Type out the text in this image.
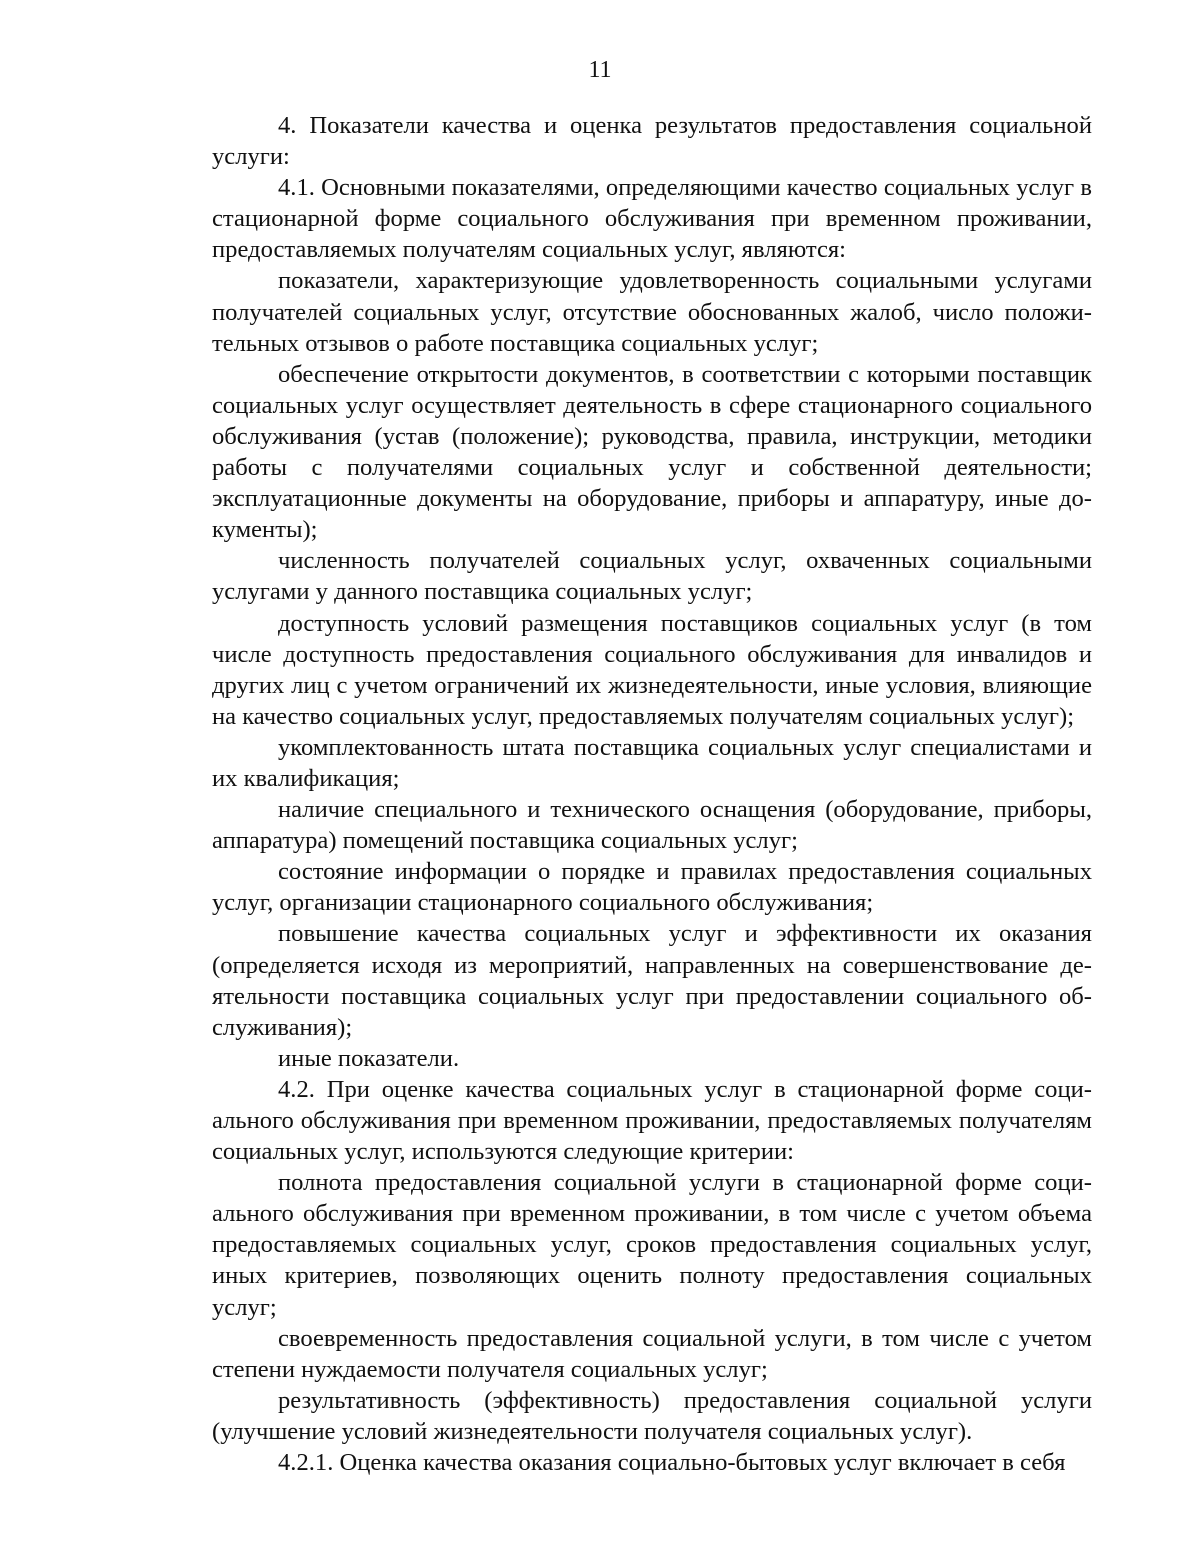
11

4. Показатели качества и оценка результатов предоставления социальной услуги:

4.1. Основными показателями, определяющими качество социальных услуг в стационарной форме социального обслуживания при временном проживании, предоставляемых получателям социальных услуг, являются:

показатели, характеризующие удовлетворенность социальными услугами получателей социальных услуг, отсутствие обоснованных жалоб, число положительных отзывов о работе поставщика социальных услуг;

обеспечение открытости документов, в соответствии с которыми поставщик социальных услуг осуществляет деятельность в сфере стационарного социального обслуживания (устав (положение); руководства, правила, инструкции, методики работы с получателями социальных услуг и собственной деятельности; эксплуатационные документы на оборудование, приборы и аппаратуру, иные документы);

численность получателей социальных услуг, охваченных социальными услугами у данного поставщика социальных услуг;

доступность условий размещения поставщиков социальных услуг (в том числе доступность предоставления социального обслуживания для инвалидов и других лиц с учетом ограничений их жизнедеятельности, иные условия, влияющие на качество социальных услуг, предоставляемых получателям социальных услуг);

укомплектованность штата поставщика социальных услуг специалистами и их квалификация;

наличие специального и технического оснащения (оборудование, приборы, аппаратура) помещений поставщика социальных услуг;

состояние информации о порядке и правилах предоставления социальных услуг, организации стационарного социального обслуживания;

повышение качества социальных услуг и эффективности их оказания (определяется исходя из мероприятий, направленных на совершенствование деятельности поставщика социальных услуг при предоставлении социального обслуживания);

иные показатели.

4.2. При оценке качества социальных услуг в стационарной форме социального обслуживания при временном проживании, предоставляемых получателям социальных услуг, используются следующие критерии:

полнота предоставления социальной услуги в стационарной форме социального обслуживания при временном проживании, в том числе с учетом объема предоставляемых социальных услуг, сроков предоставления социальных услуг, иных критериев, позволяющих оценить полноту предоставления социальных услуг;

своевременность предоставления социальной услуги, в том числе с учетом степени нуждаемости получателя социальных услуг;

результативность (эффективность) предоставления социальной услуги (улучшение условий жизнедеятельности получателя социальных услуг).

4.2.1. Оценка качества оказания социально-бытовых услуг включает в себя
